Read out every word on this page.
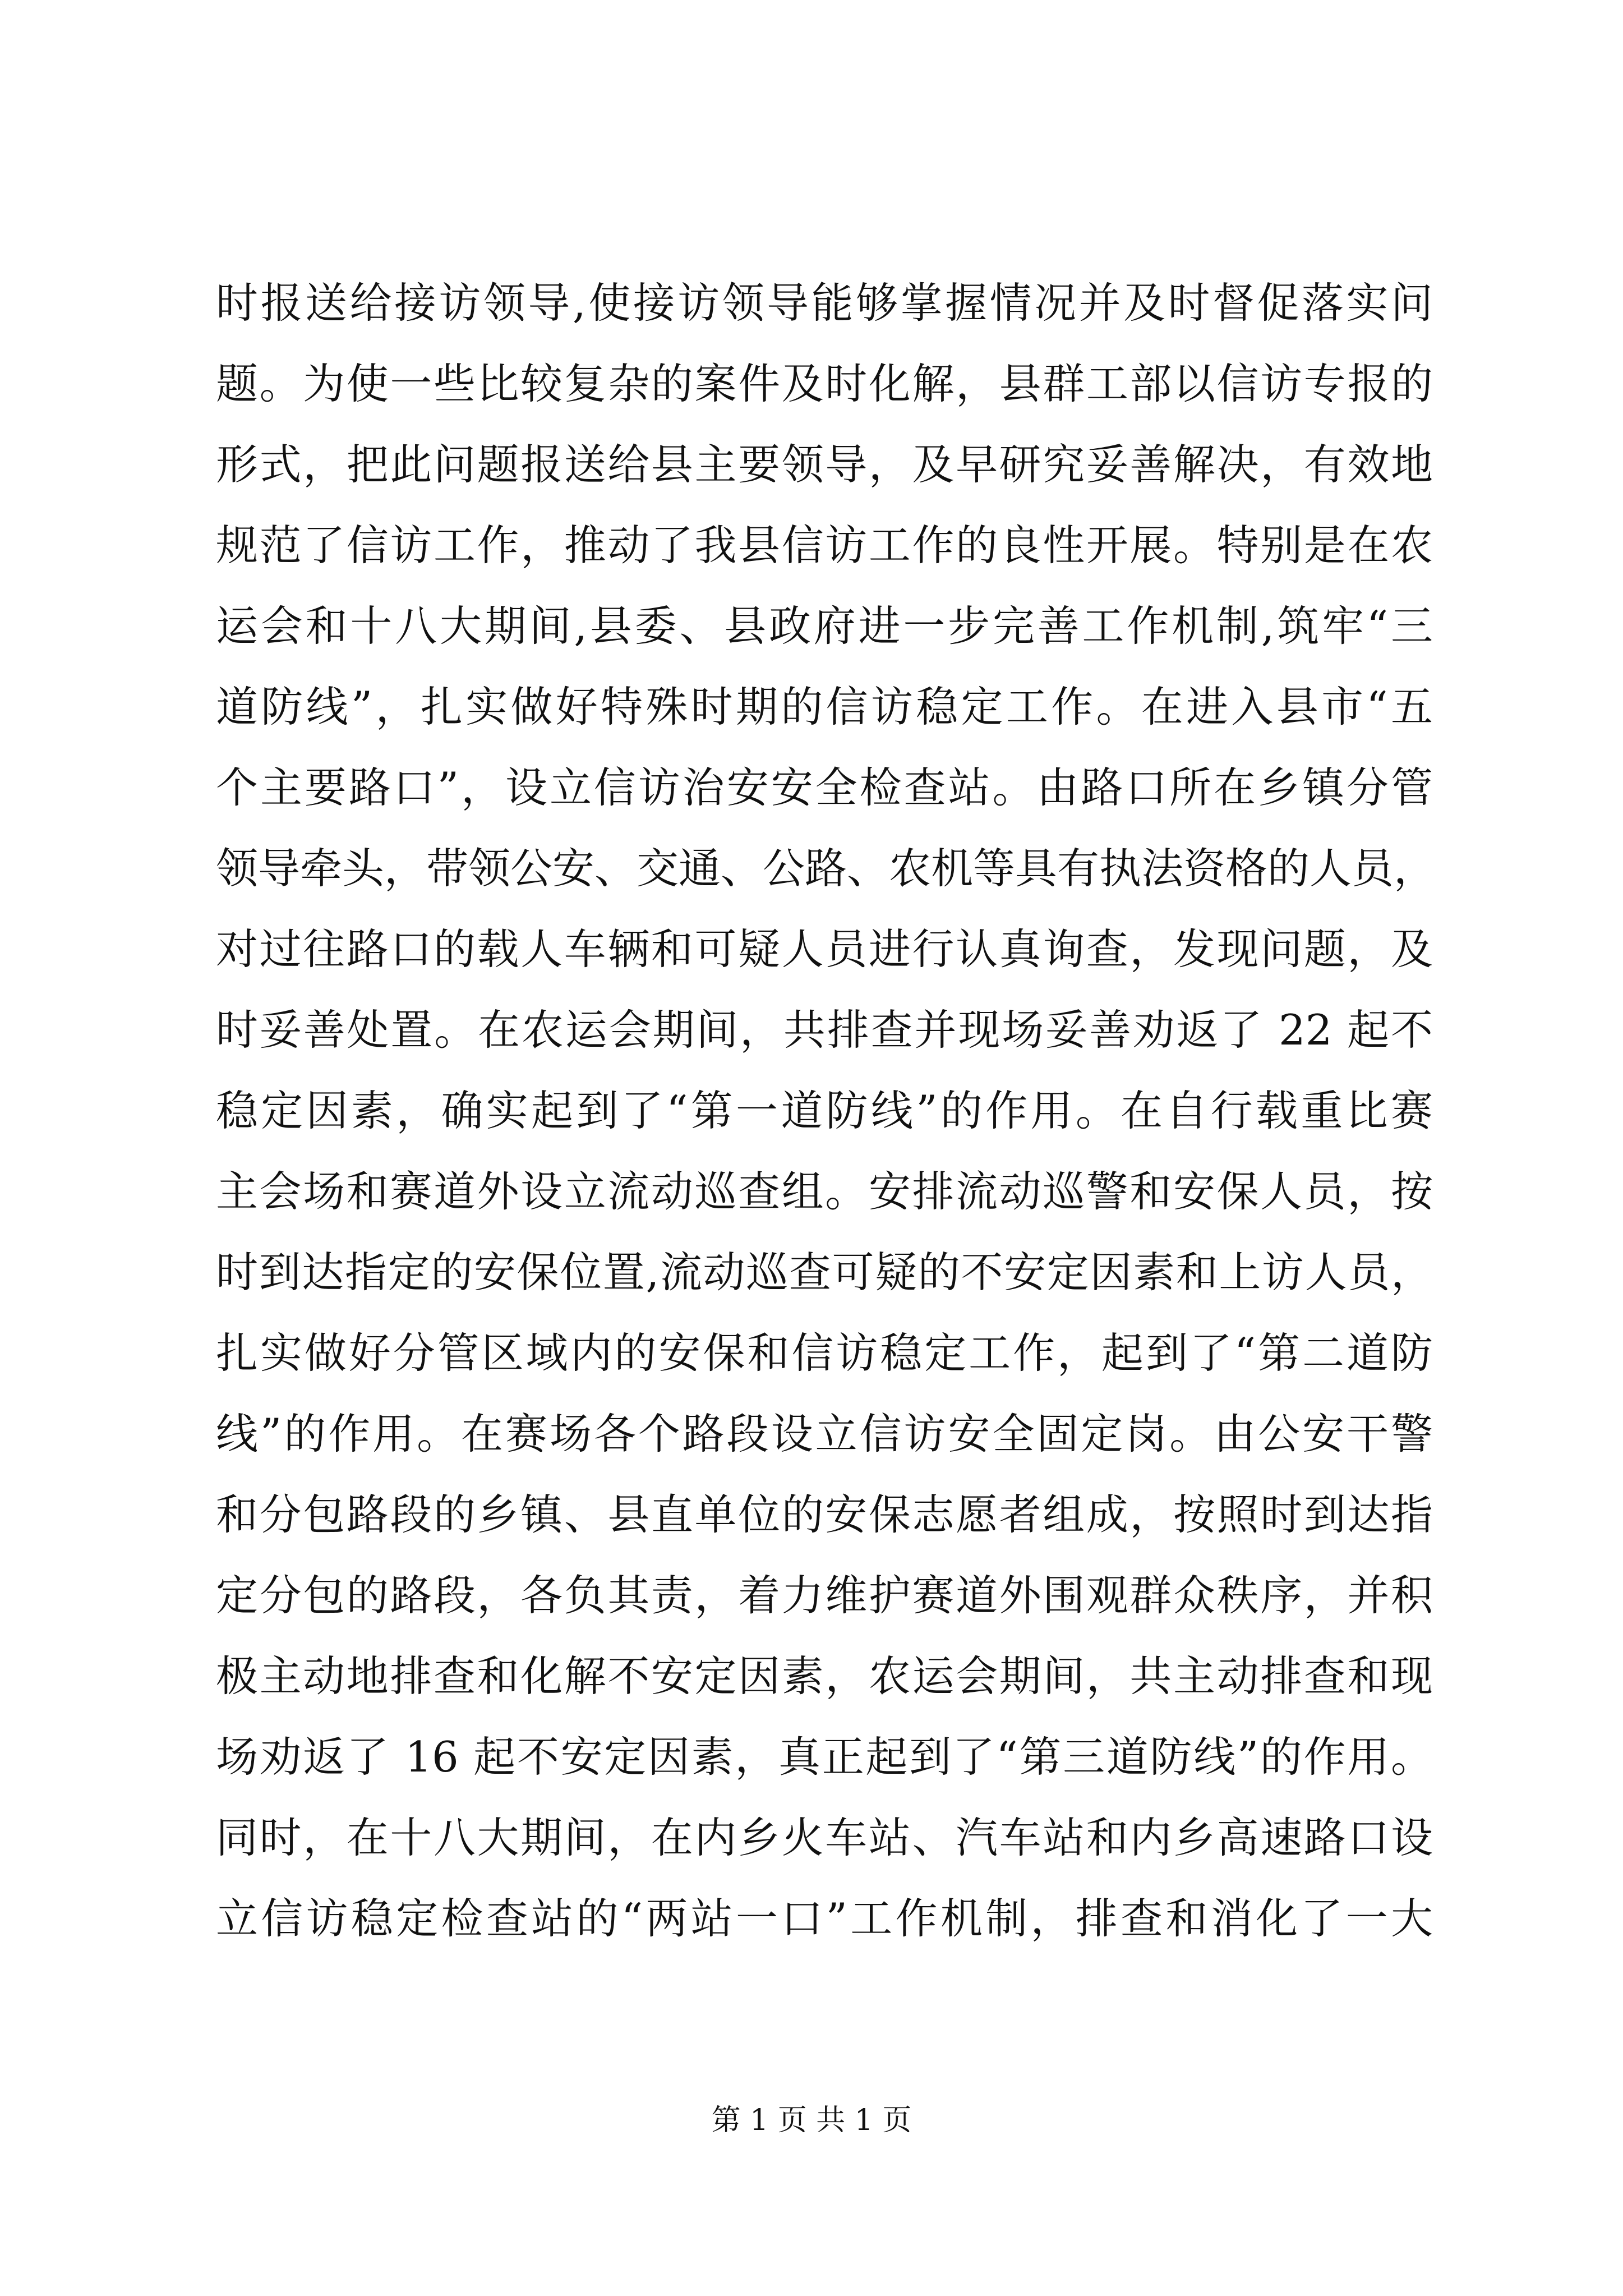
时报送给接访领导,使接访领导能够掌握情况并及时督促落实问
题。为使一些比较复杂的案件及时化解，县群工部以信访专报的
形式，把此问题报送给县主要领导，及早研究妥善解决，有效地
规范了信访工作，推动了我县信访工作的良性开展。特别是在农
运会和十八大期间,县委、县政府进一步完善工作机制,筑牢“三
道防线”，扎实做好特殊时期的信访稳定工作。在进入县市“五
个主要路口”，设立信访治安安全检查站。由路口所在乡镇分管
领导牵头，带领公安、交通、公路、农机等具有执法资格的人员，
对过往路口的载人车辆和可疑人员进行认真询查，发现问题，及
时妥善处置。在农运会期间，共排查并现场妥善劝返了 22 起不
稳定因素，确实起到了“第一道防线”的作用。在自行载重比赛
主会场和赛道外设立流动巡查组。安排流动巡警和安保人员，按
时到达指定的安保位置,流动巡查可疑的不安定因素和上访人员，
扎实做好分管区域内的安保和信访稳定工作，起到了“第二道防
线”的作用。在赛场各个路段设立信访安全固定岗。由公安干警
和分包路段的乡镇、县直单位的安保志愿者组成，按照时到达指
定分包的路段，各负其责，着力维护赛道外围观群众秩序，并积
极主动地排查和化解不安定因素，农运会期间，共主动排查和现
场劝返了 16 起不安定因素，真正起到了“第三道防线”的作用。
同时，在十八大期间，在内乡火车站、汽车站和内乡高速路口设
立信访稳定检查站的“两站一口”工作机制，排查和消化了一大
第 1 页 共 1 页
